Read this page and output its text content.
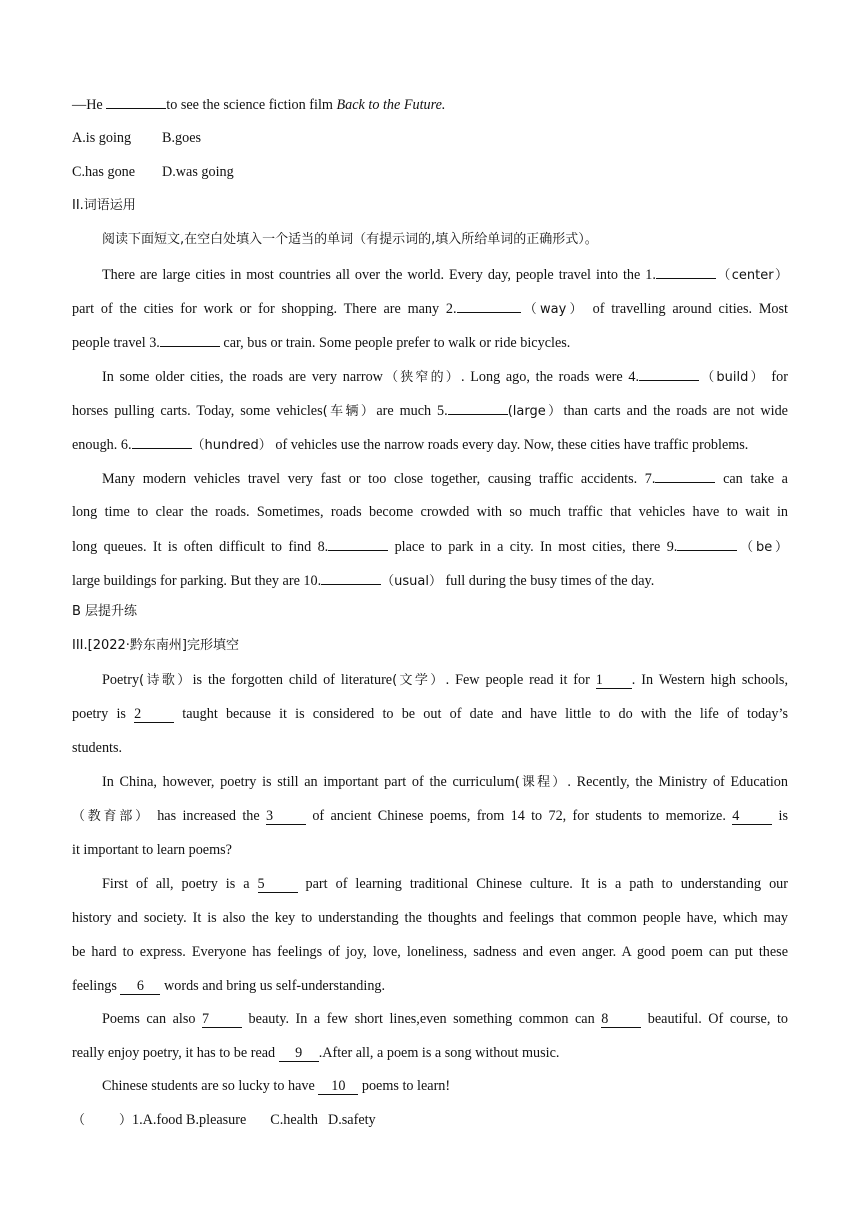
—He	to see the science fiction film Back to the Future.
A.is going B.goes
C.has gone D.was going
II.词语运用
阅读下面短文,在空白处填入一个适当的单词（有提示词的,填入所给单词的正确形式）。
There are large cities in most countries all over the world. Every day, people travel into the 1.	（center）
part of the cities for work or for shopping. There are many 2.	（way） of travelling around cities. Most
people travel 3.	car, bus or train. Some people prefer to walk or ride bicycles.
In some older cities, the roads are very narrow（狭窄的）. Long ago, the roads were 4.	（build） for
horses pulling carts. Today, some vehicles(车辆）are much 5.	(large）than carts and the roads are not wide
enough. 6.	（hundred） of vehicles use the narrow roads every day. Now, these cities have traffic problems.
Many modern vehicles travel very fast or too close together, causing traffic accidents. 7.	can take a
long time to clear the roads. Sometimes, roads become crowded with so much traffic that vehicles have to wait in
long queues. It is often difficult to find 8.	place to park in a city. In most cities, there 9.	（be）
large buildings for parking. But they are 10.	（usual） full during the busy times of the day.
B 层提升练
III.[2022·黔东南州]完形填空
Poetry(诗歌）is the forgotten child of literature(文学）. Few people read it for 1 . In Western high schools,
poetry is 2 taught because it is considered to be out of date and have little to do with the life of today’s
students.
In China, however, poetry is still an important part of the curriculum(课程）. Recently, the Ministry of Education
（教育部） has increased the 3 of ancient Chinese poems, from 14 to 72, for students to memorize. 4 is
it important to learn poems?
First of all, poetry is a 5 part of learning traditional Chinese culture. It is a path to understanding our
history and society. It is also the key to understanding the thoughts and feelings that common people have, which may
be hard to express. Everyone has feelings of joy, love, loneliness, sadness and even anger. A good poem can put these
feelings 6 words and bring us self-understanding.
Poems can also 7 beauty. In a few short lines,even something common can 8 beautiful. Of course, to
really enjoy poetry, it has to be read 9 .After all, a poem is a song without music.
Chinese students are so lucky to have 10 poems to learn!
（	）1.A.food B.pleasure C.health D.safety
